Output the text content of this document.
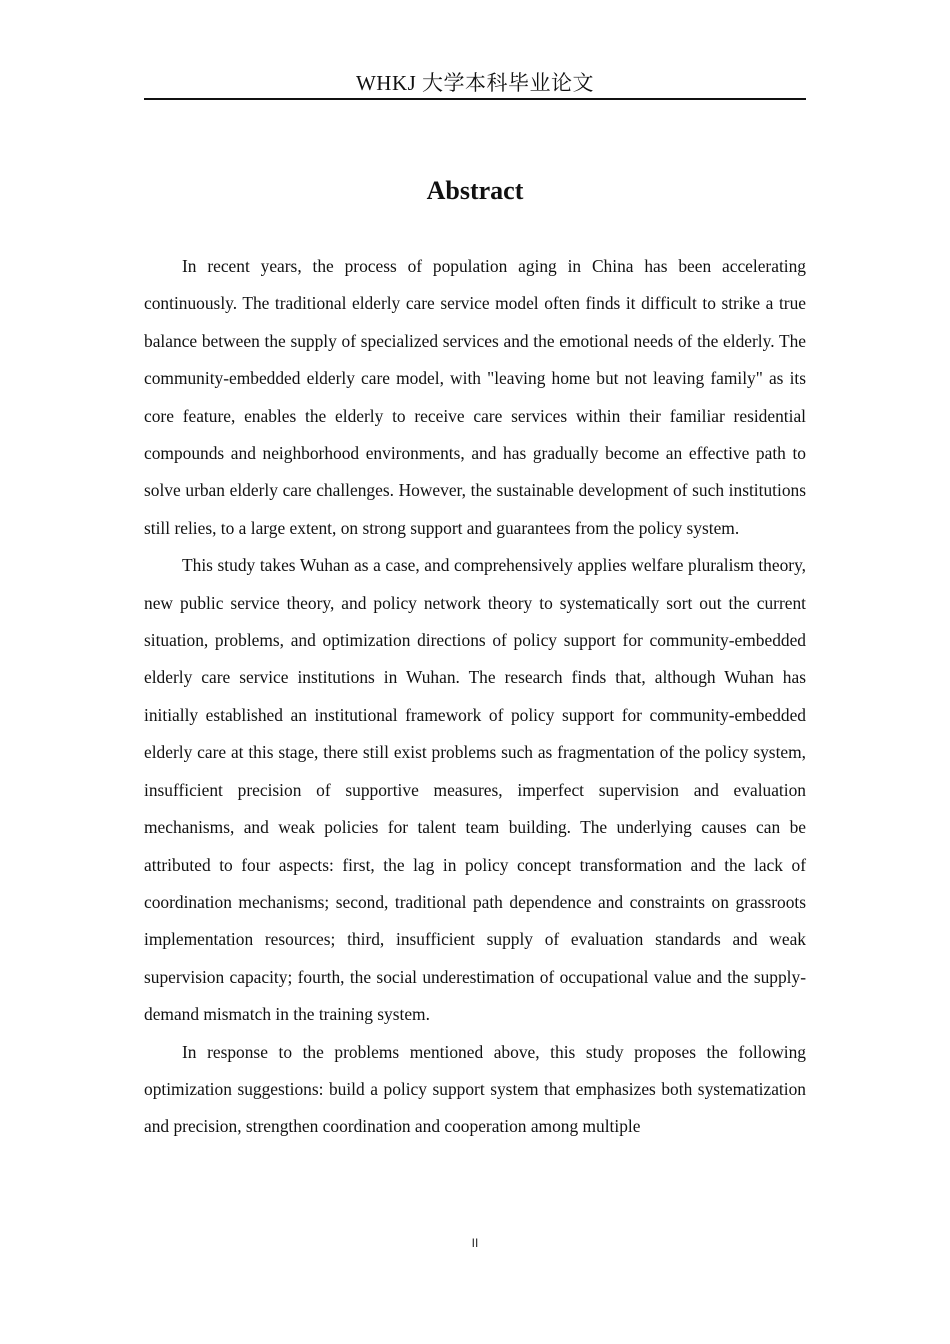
WHKJ 大学本科毕业论文
Abstract

In recent years, the process of population aging in China has been accelerating continuously. The traditional elderly care service model often finds it difficult to strike a true balance between the supply of specialized services and the emotional needs of the elderly. The community-embedded elderly care model, with "leaving home but not leaving family" as its core feature, enables the elderly to receive care services within their familiar residential compounds and neighborhood environments, and has gradually become an effective path to solve urban elderly care challenges. However, the sustainable development of such institutions still relies, to a large extent, on strong support and guarantees from the policy system.

This study takes Wuhan as a case, and comprehensively applies welfare pluralism theory, new public service theory, and policy network theory to systematically sort out the current situation, problems, and optimization directions of policy support for community-embedded elderly care service institutions in Wuhan. The research finds that, although Wuhan has initially established an institutional framework of policy support for community-embedded elderly care at this stage, there still exist problems such as fragmentation of the policy system, insufficient precision of supportive measures, imperfect supervision and evaluation mechanisms, and weak policies for talent team building. The underlying causes can be attributed to four aspects: first, the lag in policy concept transformation and the lack of coordination mechanisms; second, traditional path dependence and constraints on grassroots implementation resources; third, insufficient supply of evaluation standards and weak supervision capacity; fourth, the social underestimation of occupational value and the supply-demand mismatch in the training system.

In response to the problems mentioned above, this study proposes the following optimization suggestions: build a policy support system that emphasizes both systematization and precision, strengthen coordination and cooperation among multiple

II
